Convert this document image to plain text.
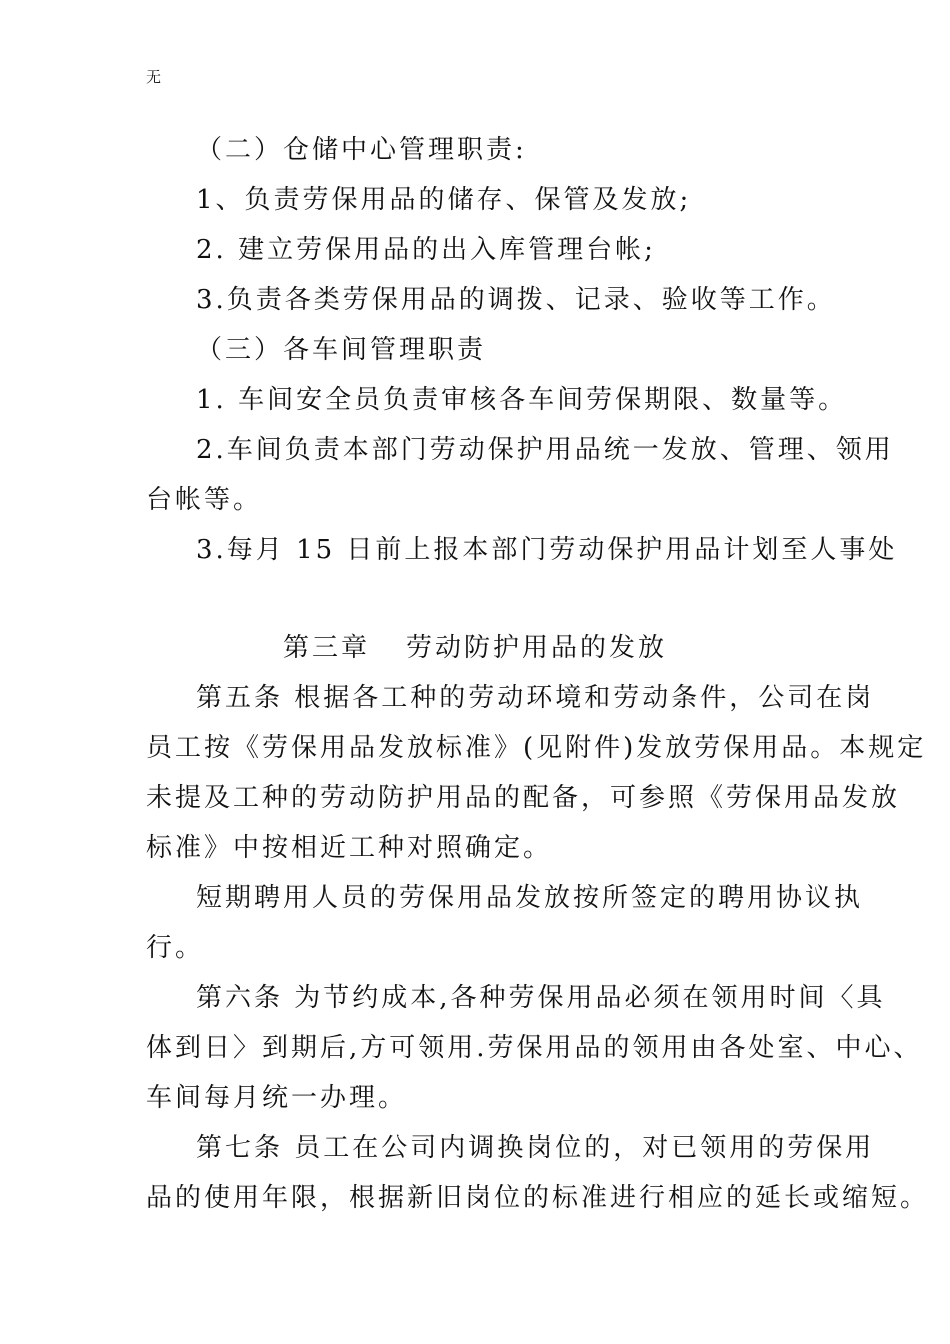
无
（二）仓储中心管理职责:
1、负责劳保用品的储存、保管及发放;
2. 建立劳保用品的出入库管理台帐;
3.负责各类劳保用品的调拨、记录、验收等工作。
（三）各车间管理职责
1. 车间安全员负责审核各车间劳保期限、数量等。
2.车间负责本部门劳动保护用品统一发放、管理、领用
台帐等。
3.每月 15 日前上报本部门劳动保护用品计划至人事处
第三章 劳动防护用品的发放
第五条 根据各工种的劳动环境和劳动条件，公司在岗
员工按《劳保用品发放标准》(见附件)发放劳保用品。本规定
未提及工种的劳动防护用品的配备，可参照《劳保用品发放
标准》中按相近工种对照确定。
短期聘用人员的劳保用品发放按所签定的聘用协议执
行。
第六条 为节约成本,各种劳保用品必须在领用时间〈具
体到日〉到期后,方可领用.劳保用品的领用由各处室、中心、
车间每月统一办理。
第七条 员工在公司内调换岗位的，对已领用的劳保用
品的使用年限，根据新旧岗位的标准进行相应的延长或缩短。
